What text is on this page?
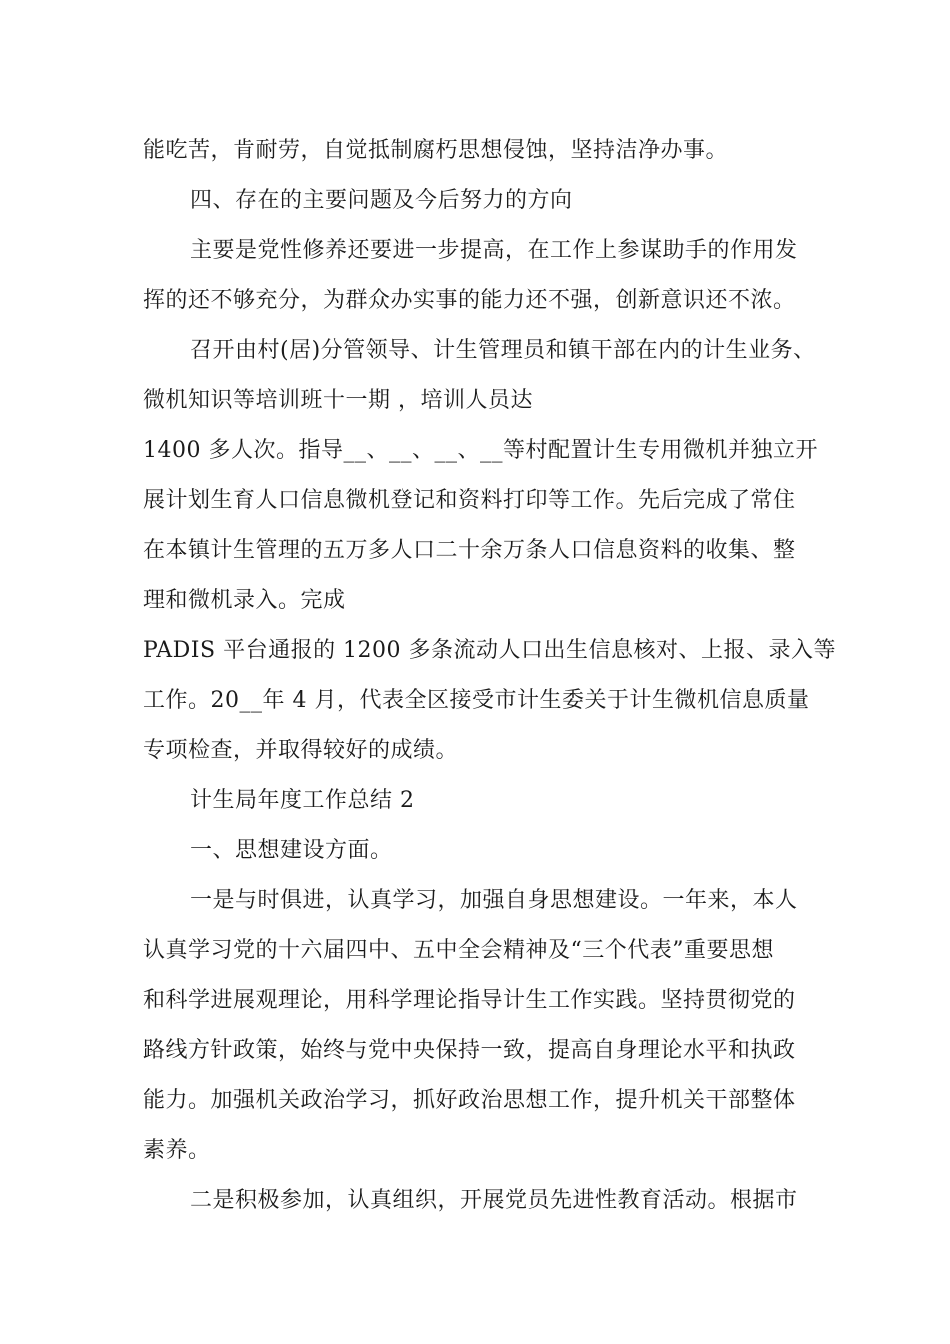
能吃苦，肯耐劳，自觉抵制腐朽思想侵蚀，坚持洁净办事。
四、存在的主要问题及今后努力的方向
主要是党性修养还要进一步提高，在工作上参谋助手的作用发
挥的还不够充分，为群众办实事的能力还不强，创新意识还不浓。
召开由村(居)分管领导、计生管理员和镇干部在内的计生业务、
微机知识等培训班十一期 ，培训人员达
1400 多人次。指导__、__、__、__等村配置计生专用微机并独立开
展计划生育人口信息微机登记和资料打印等工作。先后完成了常住
在本镇计生管理的五万多人口二十余万条人口信息资料的收集、整
理和微机录入。完成
PADIS 平台通报的 1200 多条流动人口出生信息核对、上报、录入等
工作。20__年 4 月，代表全区接受市计生委关于计生微机信息质量
专项检查，并取得较好的成绩。
计生局年度工作总结 2
一、思想建设方面。
一是与时俱进，认真学习，加强自身思想建设。一年来，本人
认真学习党的十六届四中、五中全会精神及“三个代表”重要思想
和科学进展观理论，用科学理论指导计生工作实践。坚持贯彻党的
路线方针政策，始终与党中央保持一致，提高自身理论水平和执政
能力。加强机关政治学习，抓好政治思想工作，提升机关干部整体
素养。
二是积极参加，认真组织，开展党员先进性教育活动。根据市
